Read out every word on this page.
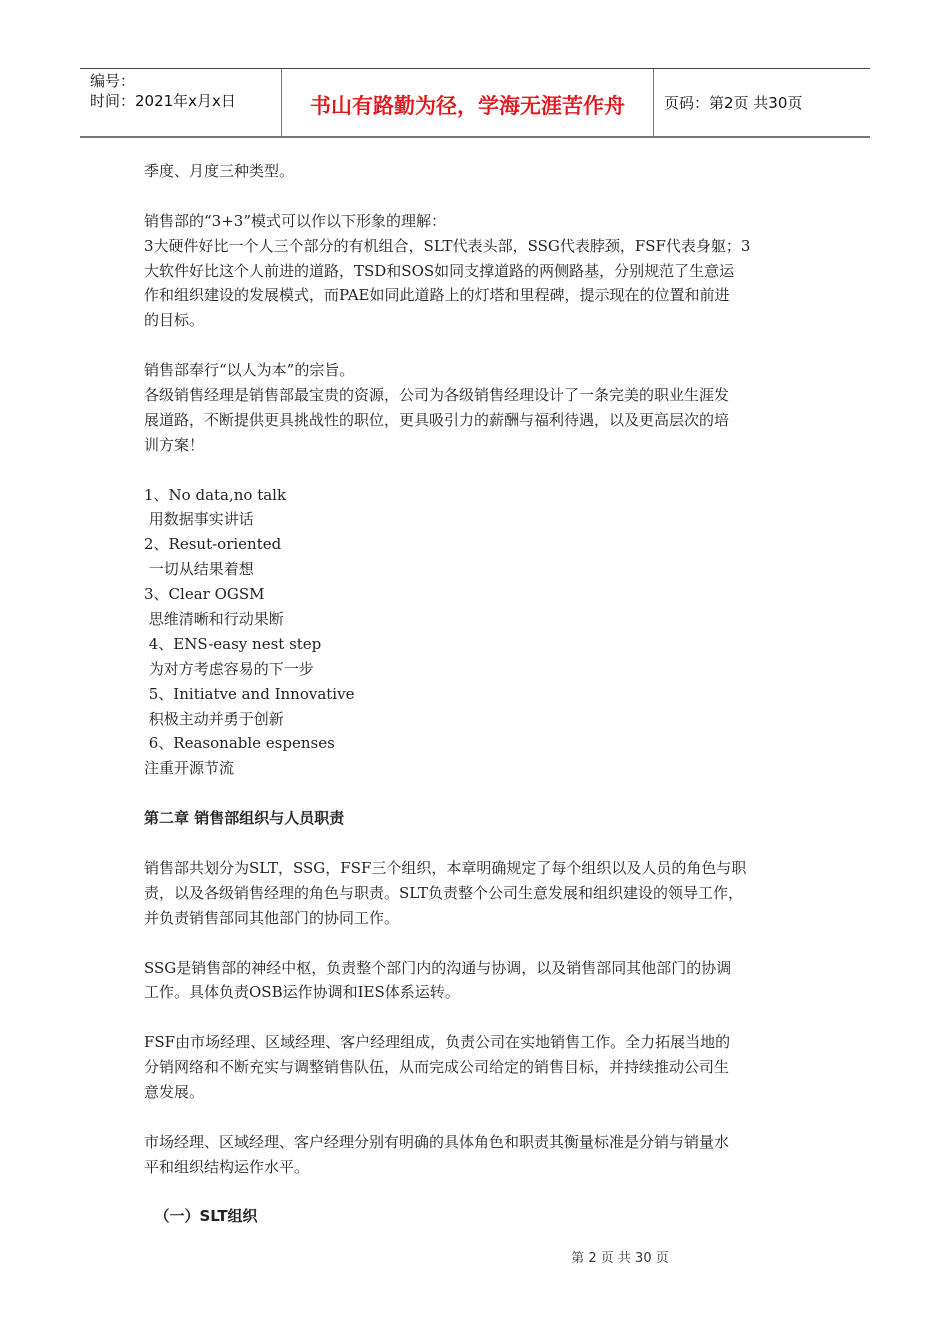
编号：
时间：2021年x月x日	书山有路勤为径，学海无涯苦作舟	页码：第2页 共30页
季度、月度三种类型。
销售部的“3+3”模式可以作以下形象的理解：
3大硬件好比一个人三个部分的有机组合，SLT代表头部，SSG代表脖颈，FSF代表身躯；3
大软件好比这个人前进的道路，TSD和SOS如同支撑道路的两侧路基，分别规范了生意运
作和组织建设的发展模式，而PAE如同此道路上的灯塔和里程碑，提示现在的位置和前进
的目标。
销售部奉行“以人为本”的宗旨。
各级销售经理是销售部最宝贵的资源，公司为各级销售经理设计了一条完美的职业生涯发
展道路，不断提供更具挑战性的职位，更具吸引力的薪酬与福利待遇，以及更高层次的培
训方案！
1、No data,no talk
用数据事实讲话
2、Resut-oriented
一切从结果着想
3、Clear OGSM
思维清晰和行动果断
4、ENS-easy nest step
为对方考虑容易的下一步
5、Initiatve and Innovative
积极主动并勇于创新
6、Reasonable espenses
注重开源节流
第二章 销售部组织与人员职责
销售部共划分为SLT，SSG，FSF三个组织，本章明确规定了每个组织以及人员的角色与职
责，以及各级销售经理的角色与职责。SLT负责整个公司生意发展和组织建设的领导工作，
并负责销售部同其他部门的协同工作。
SSG是销售部的神经中枢，负责整个部门内的沟通与协调，以及销售部同其他部门的协调
工作。具体负责OSB运作协调和IES体系运转。
FSF由市场经理、区域经理、客户经理组成，负责公司在实地销售工作。全力拓展当地的
分销网络和不断充实与调整销售队伍，从而完成公司给定的销售目标，并持续推动公司生
意发展。
市场经理、区域经理、客户经理分别有明确的具体角色和职责其衡量标准是分销与销量水
平和组织结构运作水平。
（一）SLT组织
第 2 页 共 30 页
